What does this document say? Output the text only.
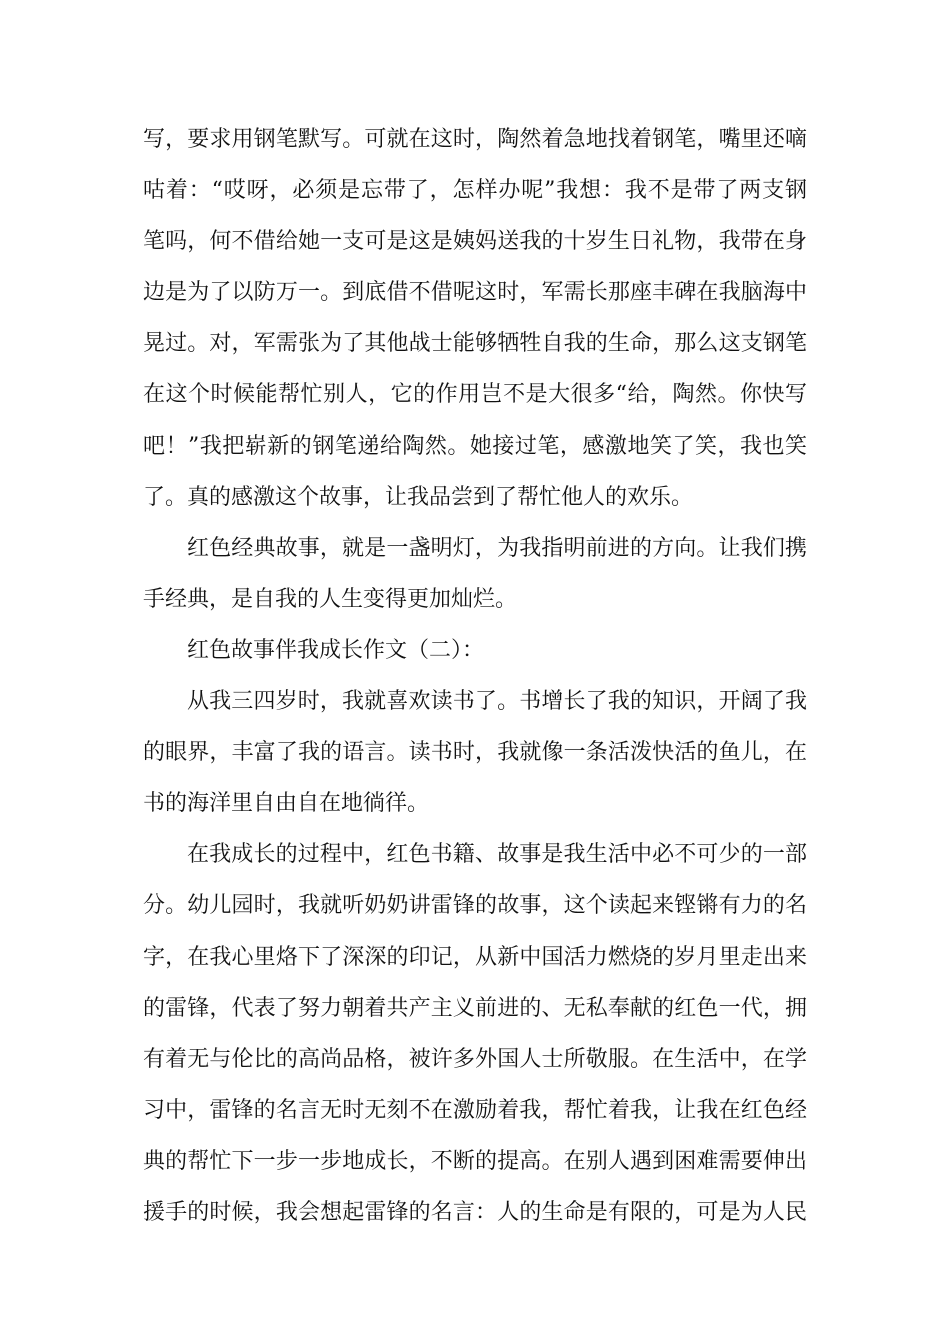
写，要求用钢笔默写。可就在这时，陶然着急地找着钢笔，嘴里还嘀
咕着：“哎呀，必须是忘带了，怎样办呢”我想：我不是带了两支钢
笔吗，何不借给她一支可是这是姨妈送我的十岁生日礼物，我带在身
边是为了以防万一。到底借不借呢这时，军需长那座丰碑在我脑海中
晃过。对，军需张为了其他战士能够牺牲自我的生命，那么这支钢笔
在这个时候能帮忙别人，它的作用岂不是大很多“给，陶然。你快写
吧！”我把崭新的钢笔递给陶然。她接过笔，感激地笑了笑，我也笑
了。真的感激这个故事，让我品尝到了帮忙他人的欢乐。
红色经典故事，就是一盏明灯，为我指明前进的方向。让我们携
手经典，是自我的人生变得更加灿烂。
红色故事伴我成长作文（二）：
从我三四岁时，我就喜欢读书了。书增长了我的知识，开阔了我
的眼界，丰富了我的语言。读书时，我就像一条活泼快活的鱼儿，在
书的海洋里自由自在地徜徉。
在我成长的过程中，红色书籍、故事是我生活中必不可少的一部
分。幼儿园时，我就听奶奶讲雷锋的故事，这个读起来铿锵有力的名
字，在我心里烙下了深深的印记，从新中国活力燃烧的岁月里走出来
的雷锋，代表了努力朝着共产主义前进的、无私奉献的红色一代，拥
有着无与伦比的高尚品格，被许多外国人士所敬服。在生活中，在学
习中，雷锋的名言无时无刻不在激励着我，帮忙着我，让我在红色经
典的帮忙下一步一步地成长，不断的提高。在别人遇到困难需要伸出
援手的时候，我会想起雷锋的名言：人的生命是有限的，可是为人民
